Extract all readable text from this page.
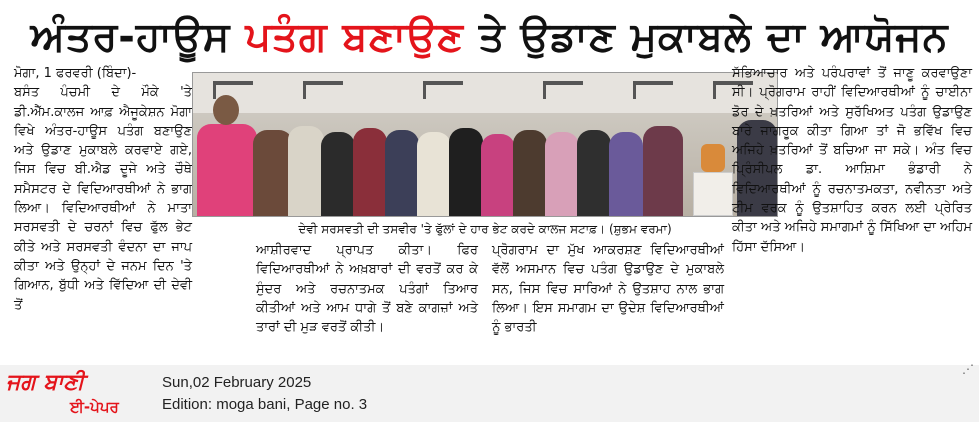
ਅੰਤਰ-ਹਾਊਸ ਪਤੰਗ ਬਣਾਉਣ ਤੇ ਉਡਾਣ ਮੁਕਾਬਲੇ ਦਾ ਆਯੋਜਨ

ਮੋਗਾ, 1 ਫਰਵਰੀ (ਬਿੰਦਾ)-
ਬਸੰਤ ਪੰਚਮੀ ਦੇ ਮੌਕੇ 'ਤੇ ਡੀ.ਐੱਮ.ਕਾਲਜ ਆਫ਼ ਐਜੂਕੇਸ਼ਨ ਮੋਗਾ ਵਿਖੇ ਅੰਤਰ-ਹਾਊਸ ਪਤੰਗ ਬਣਾਉਣ ਅਤੇ ਉਡਾਣ ਮੁਕਾਬਲੇ ਕਰਵਾਏ ਗਏ, ਜਿਸ ਵਿਚ ਬੀ.ਐਡ ਦੂਜੇ ਅਤੇ ਚੌਥੇ ਸਮੈਸਟਰ ਦੇ ਵਿਦਿਆਰਥੀਆਂ ਨੇ ਭਾਗ ਲਿਆ। ਵਿਦਿਆਰਥੀਆਂ ਨੇ ਮਾਤਾ ਸਰਸਵਤੀ ਦੇ ਚਰਨਾਂ ਵਿਚ ਫੁੱਲ ਭੇਟ ਕੀਤੇ ਅਤੇ ਸਰਸਵਤੀ ਵੰਦਨਾ ਦਾ ਜਾਪ ਕੀਤਾ ਅਤੇ ਉਨ੍ਹਾਂ ਦੇ ਜਨਮ ਦਿਨ 'ਤੇ ਗਿਆਨ, ਬੁੱਧੀ ਅਤੇ ਵਿੱਦਿਆ ਦੀ ਦੇਵੀ ਤੋਂ

ਦੇਵੀ ਸਰਸਵਤੀ ਦੀ ਤਸਵੀਰ 'ਤੇ ਫੁੱਲਾਂ ਦੇ ਹਾਰ ਭੇਟ ਕਰਦੇ ਕਾਲਜ ਸਟਾਫ਼। (ਸ਼ੁਭਮ ਵਰਮਾ)

ਆਸ਼ੀਰਵਾਦ ਪ੍ਰਾਪਤ ਕੀਤਾ। ਫਿਰ ਵਿਦਿਆਰਥੀਆਂ ਨੇ ਅਖ਼ਬਾਰਾਂ ਦੀ ਵਰਤੋਂ ਕਰ ਕੇ ਸੁੰਦਰ ਅਤੇ ਰਚਨਾਤਮਕ ਪਤੰਗਾਂ ਤਿਆਰ ਕੀਤੀਆਂ ਅਤੇ ਆਮ ਧਾਗੇ ਤੋਂ ਬਣੇ ਕਾਗਜ਼ਾਂ ਅਤੇ ਤਾਰਾਂ ਦੀ ਮੁੜ ਵਰਤੋਂ ਕੀਤੀ।

ਪ੍ਰੋਗਰਾਮ ਦਾ ਮੁੱਖ ਆਕਰਸ਼ਣ ਵਿਦਿਆਰਥੀਆਂ ਵੱਲੋਂ ਅਸਮਾਨ ਵਿਚ ਪਤੰਗ ਉਡਾਉਣ ਦੇ ਮੁਕਾਬਲੇ ਸਨ, ਜਿਸ ਵਿਚ ਸਾਰਿਆਂ ਨੇ ਉਤਸ਼ਾਹ ਨਾਲ ਭਾਗ ਲਿਆ। ਇਸ ਸਮਾਗਮ ਦਾ ਉਦੇਸ਼ ਵਿਦਿਆਰਥੀਆਂ ਨੂੰ ਭਾਰਤੀ

ਸੱਭਿਆਚਾਰ ਅਤੇ ਪਰੰਪਰਾਵਾਂ ਤੋਂ ਜਾਣੂ ਕਰਵਾਉਣਾ ਸੀ। ਪ੍ਰੋਗਰਾਮ ਰਾਹੀਂ ਵਿਦਿਆਰਥੀਆਂ ਨੂੰ ਚਾਈਨਾ ਡੋਰ ਦੇ ਖ਼ਤਰਿਆਂ ਅਤੇ ਸੁਰੱਖਿਅਤ ਪਤੰਗ ਉਡਾਉਣ ਬਾਰੇ ਜਾਗਰੂਕ ਕੀਤਾ ਗਿਆ ਤਾਂ ਜੋ ਭਵਿੱਖ ਵਿਚ ਅਜਿਹੇ ਖ਼ਤਰਿਆਂ ਤੋਂ ਬਚਿਆ ਜਾ ਸਕੇ। ਅੰਤ ਵਿਚ ਪ੍ਰਿੰਸੀਪਲ ਡਾ. ਆਸ਼ਿਮਾ ਭੰਡਾਰੀ ਨੇ ਵਿਦਿਆਰਥੀਆਂ ਨੂੰ ਰਚਨਾਤਮਕਤਾ, ਨਵੀਨਤਾ ਅਤੇ ਟੀਮ ਵਰਕ ਨੂੰ ਉਤਸ਼ਾਹਿਤ ਕਰਨ ਲਈ ਪ੍ਰੇਰਿਤ ਕੀਤਾ ਅਤੇ ਅਜਿਹੇ ਸਮਾਗਮਾਂ ਨੂੰ ਸਿੱਖਿਆ ਦਾ ਅਹਿਮ ਹਿੱਸਾ ਦੱਸਿਆ।

ਜਗ ਬਾਣੀ
ਈ-ਪੇਪਰ
Sun,02 February 2025
Edition: moga bani, Page no. 3
⋰
